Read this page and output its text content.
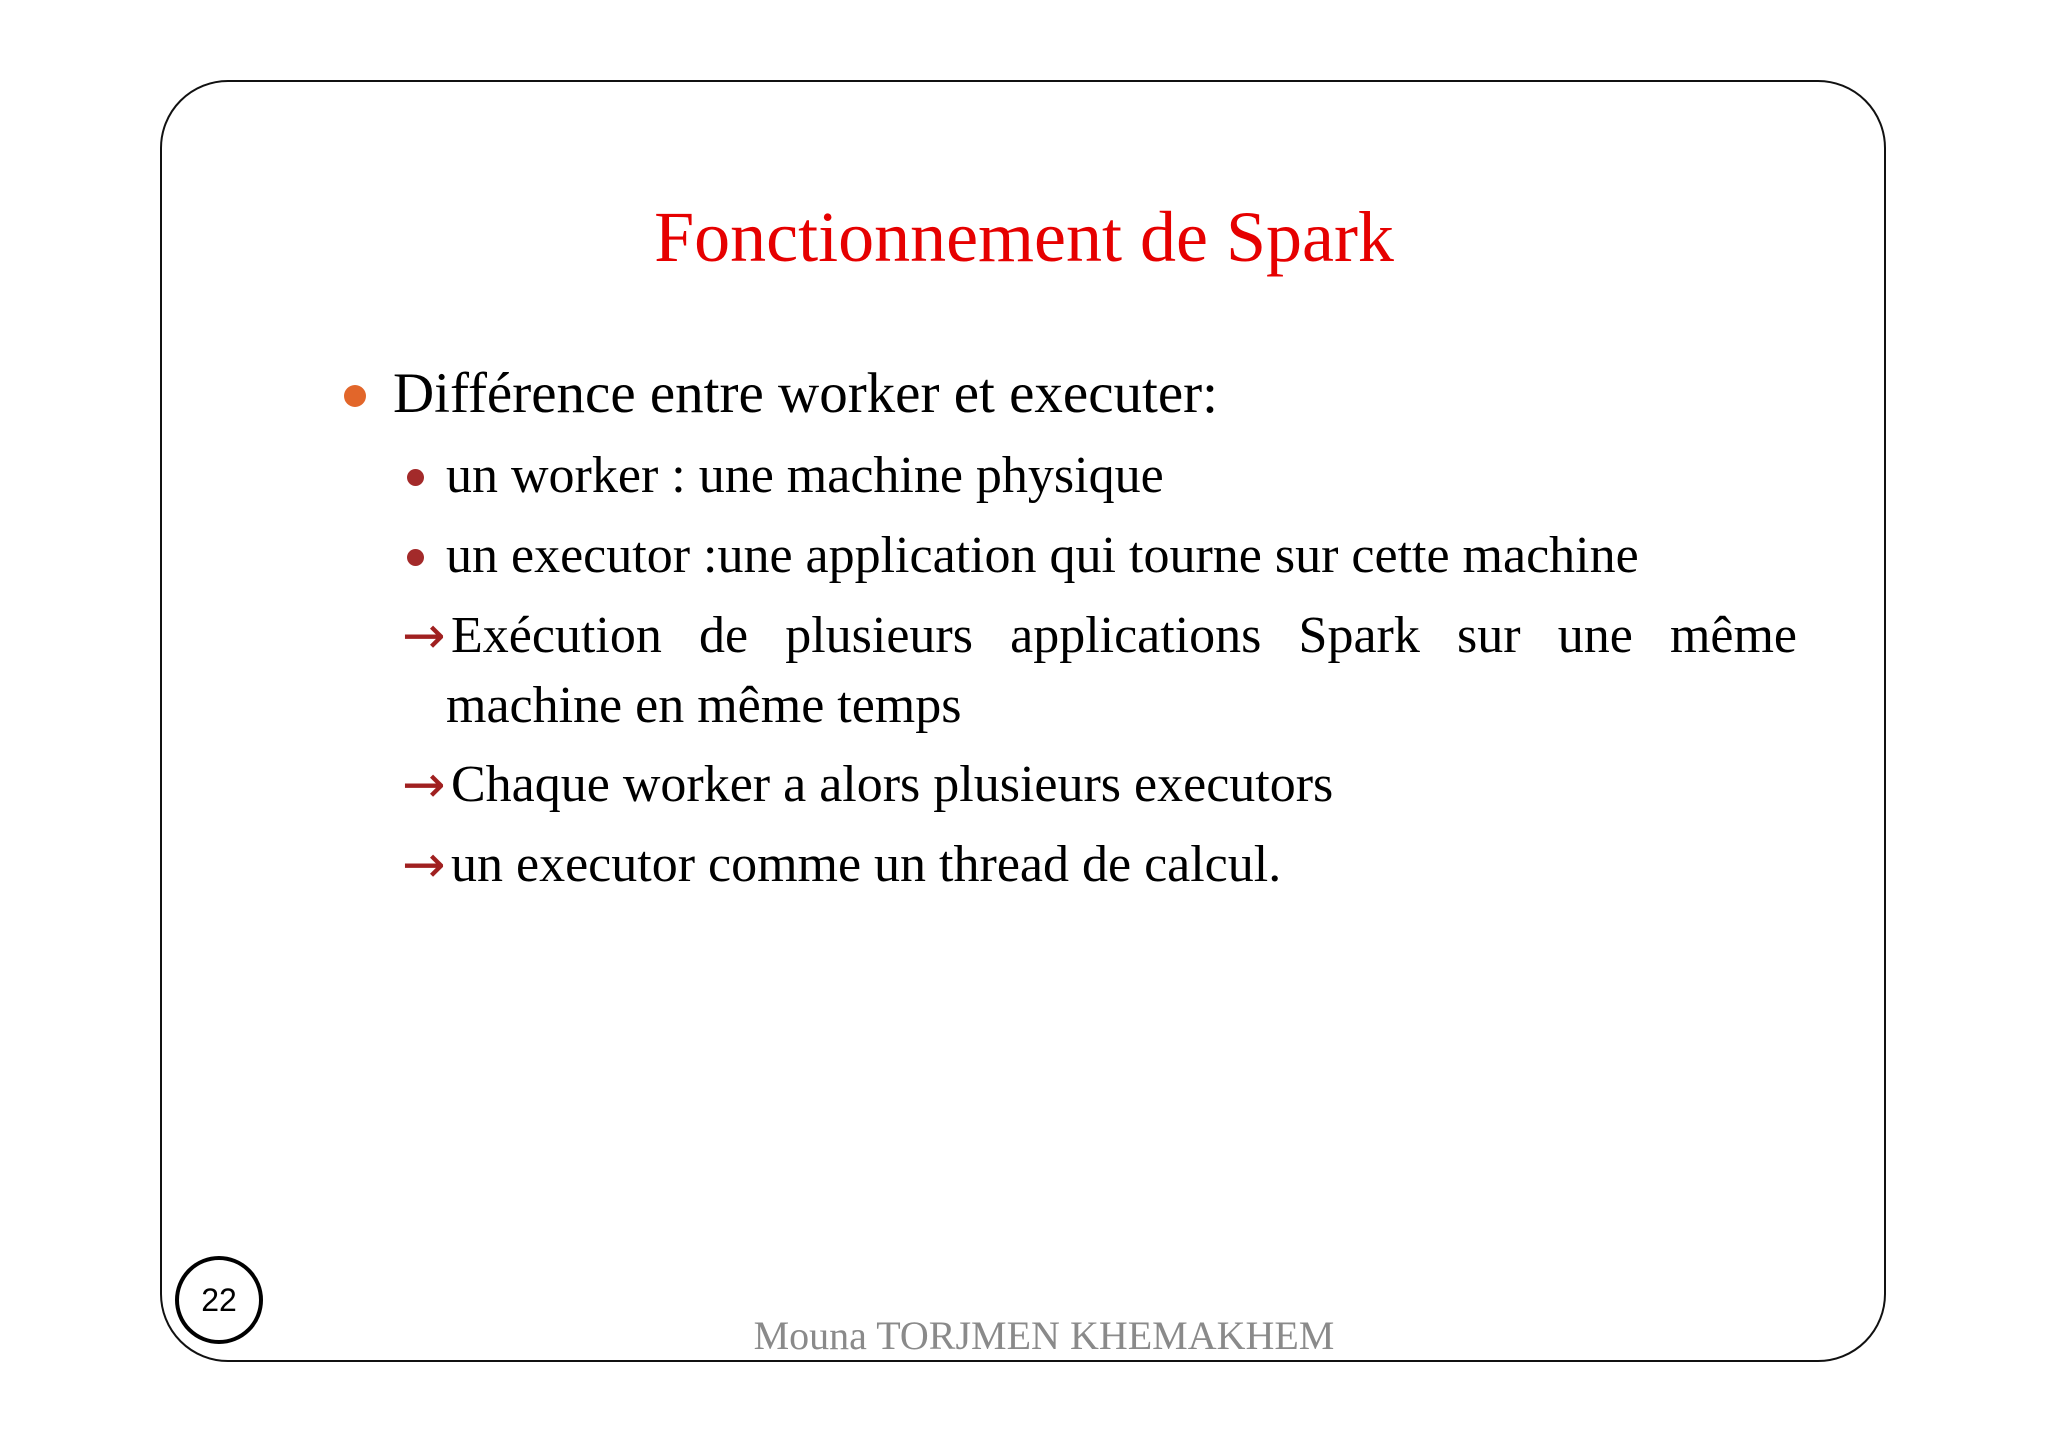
Fonctionnement de Spark
Différence entre worker et executer:
un worker : une machine physique
un executor :une application qui tourne sur cette machine
→ Exécution de plusieurs applications Spark sur une même
machine en même temps
→ Chaque worker a alors plusieurs executors
→ un executor comme un thread de calcul.
22
Mouna TORJMEN KHEMAKHEM
